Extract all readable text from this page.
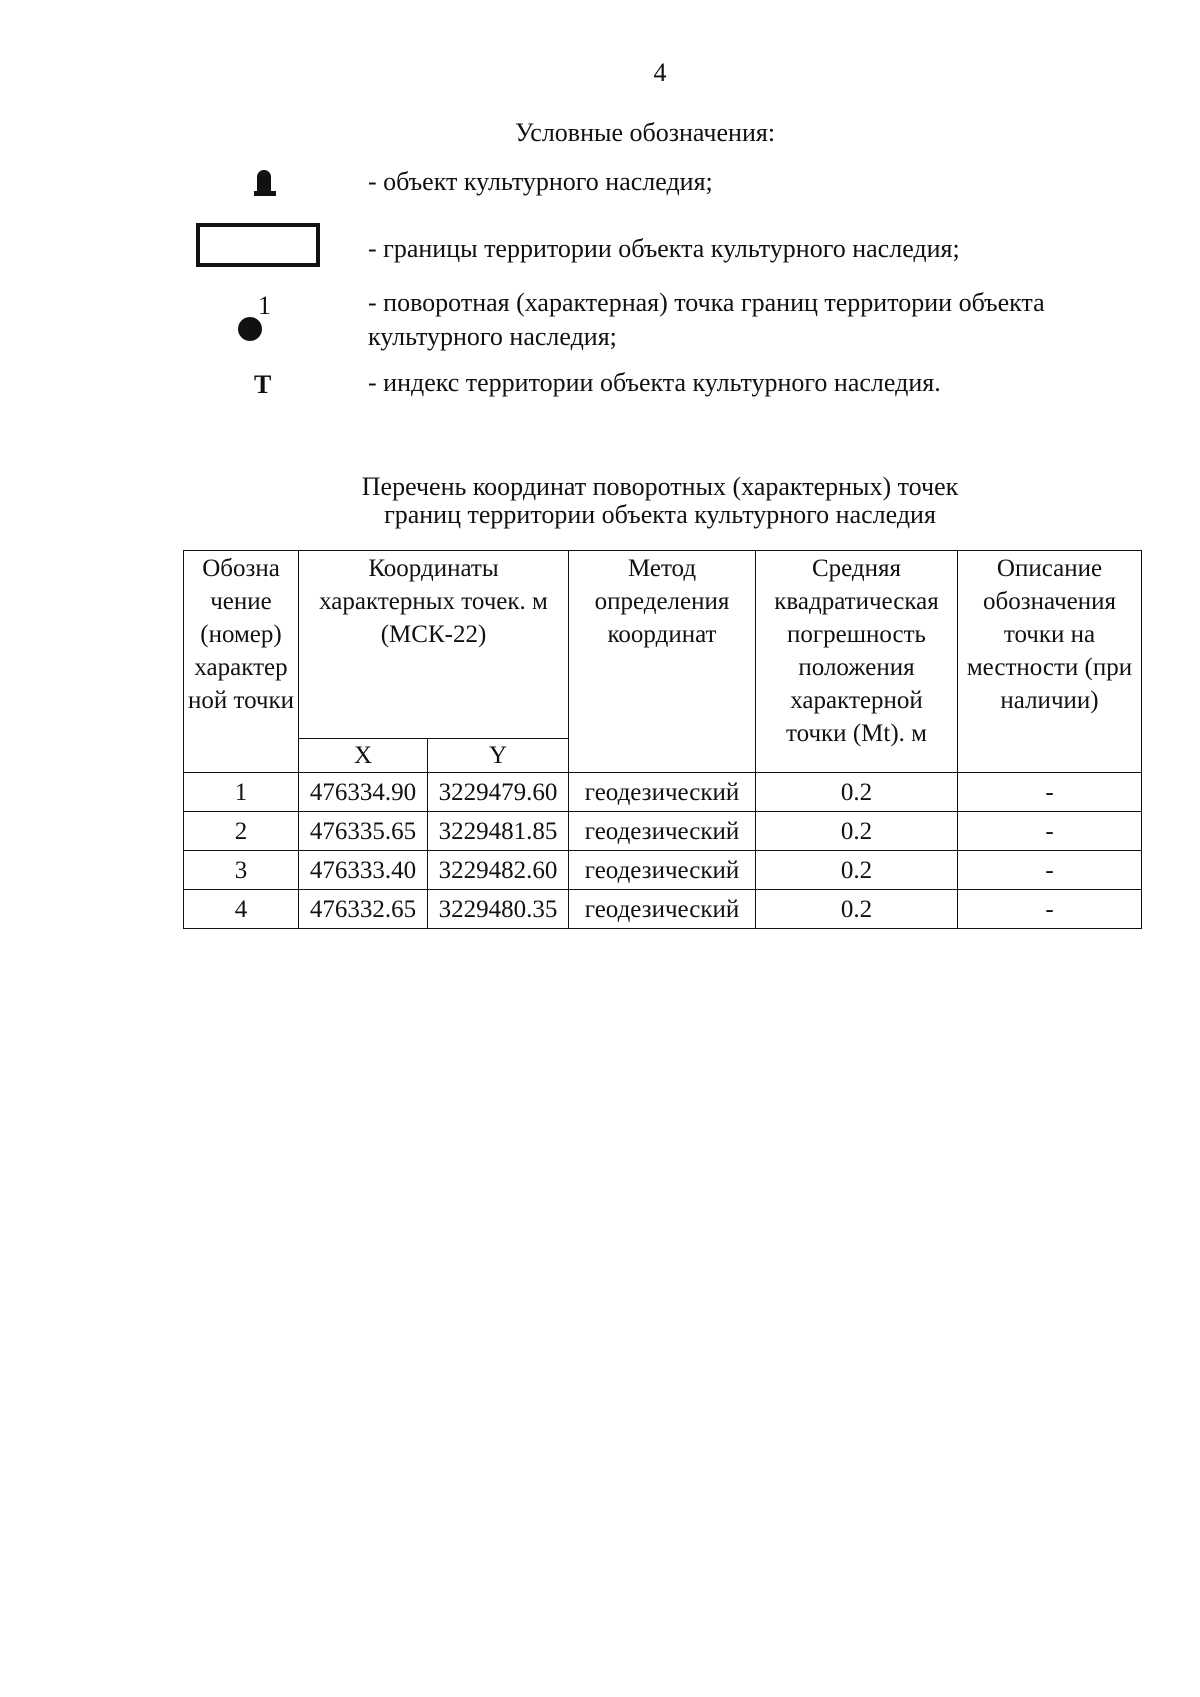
4
Условные обозначения:
- объект культурного наследия;
- границы территории объекта культурного наследия;
1	- поворотная (характерная) точка границ территории объекта культурного наследия;
Т	- индекс территории объекта культурного наследия.
Перечень координат поворотных (характерных) точек
границ территории объекта культурного наследия
Обозна чение (номер) характер ной точки	Координаты характерных точек. м (МСК-22)		Метод определения координат	Средняя квадратическая погрешность положения характерной точки (Mt). м	Описание обозначения точки на местности (при наличии)
	X	Y			
1	476334.90	3229479.60	геодезический	0.2	-
2	476335.65	3229481.85	геодезический	0.2	-
3	476333.40	3229482.60	геодезический	0.2	-
4	476332.65	3229480.35	геодезический	0.2	-
